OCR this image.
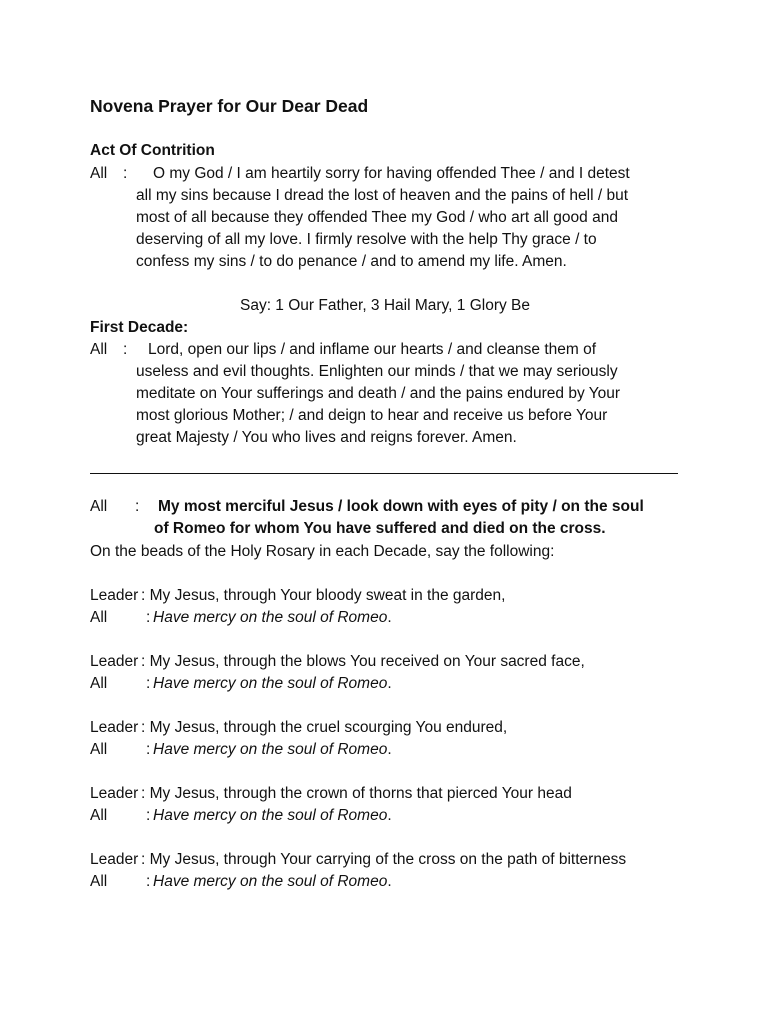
Novena Prayer for Our Dear Dead
Act Of Contrition
All : O my God / I am heartily sorry for having offended Thee / and I detest
all my sins because I dread the lost of heaven and the pains of hell / but
most of all because they offended Thee my God / who art all good and
deserving of all my love. I firmly resolve with the help Thy grace / to
confess my sins / to do penance / and to amend my life. Amen.
Say: 1 Our Father, 3 Hail Mary, 1 Glory Be
First Decade:
All : Lord, open our lips / and inflame our hearts / and cleanse them of
useless and evil thoughts. Enlighten our minds / that we may seriously
meditate on Your sufferings and death / and the pains endured by Your
most glorious Mother; / and deign to hear and receive us before Your
great Majesty / You who lives and reigns forever. Amen.
All : My most merciful Jesus / look down with eyes of pity / on the soul
of Romeo for whom You have suffered and died on the cross.
On the beads of the Holy Rosary in each Decade, say the following:
Leader : My Jesus, through Your bloody sweat in the garden,
All	: Have mercy on the soul of Romeo.
Leader : My Jesus, through the blows You received on Your sacred face,
All	: Have mercy on the soul of Romeo.
Leader : My Jesus, through the cruel scourging You endured,
All	: Have mercy on the soul of Romeo.
Leader : My Jesus, through the crown of thorns that pierced Your head
All	: Have mercy on the soul of Romeo.
Leader : My Jesus, through Your carrying of the cross on the path of bitterness
All	: Have mercy on the soul of Romeo.
